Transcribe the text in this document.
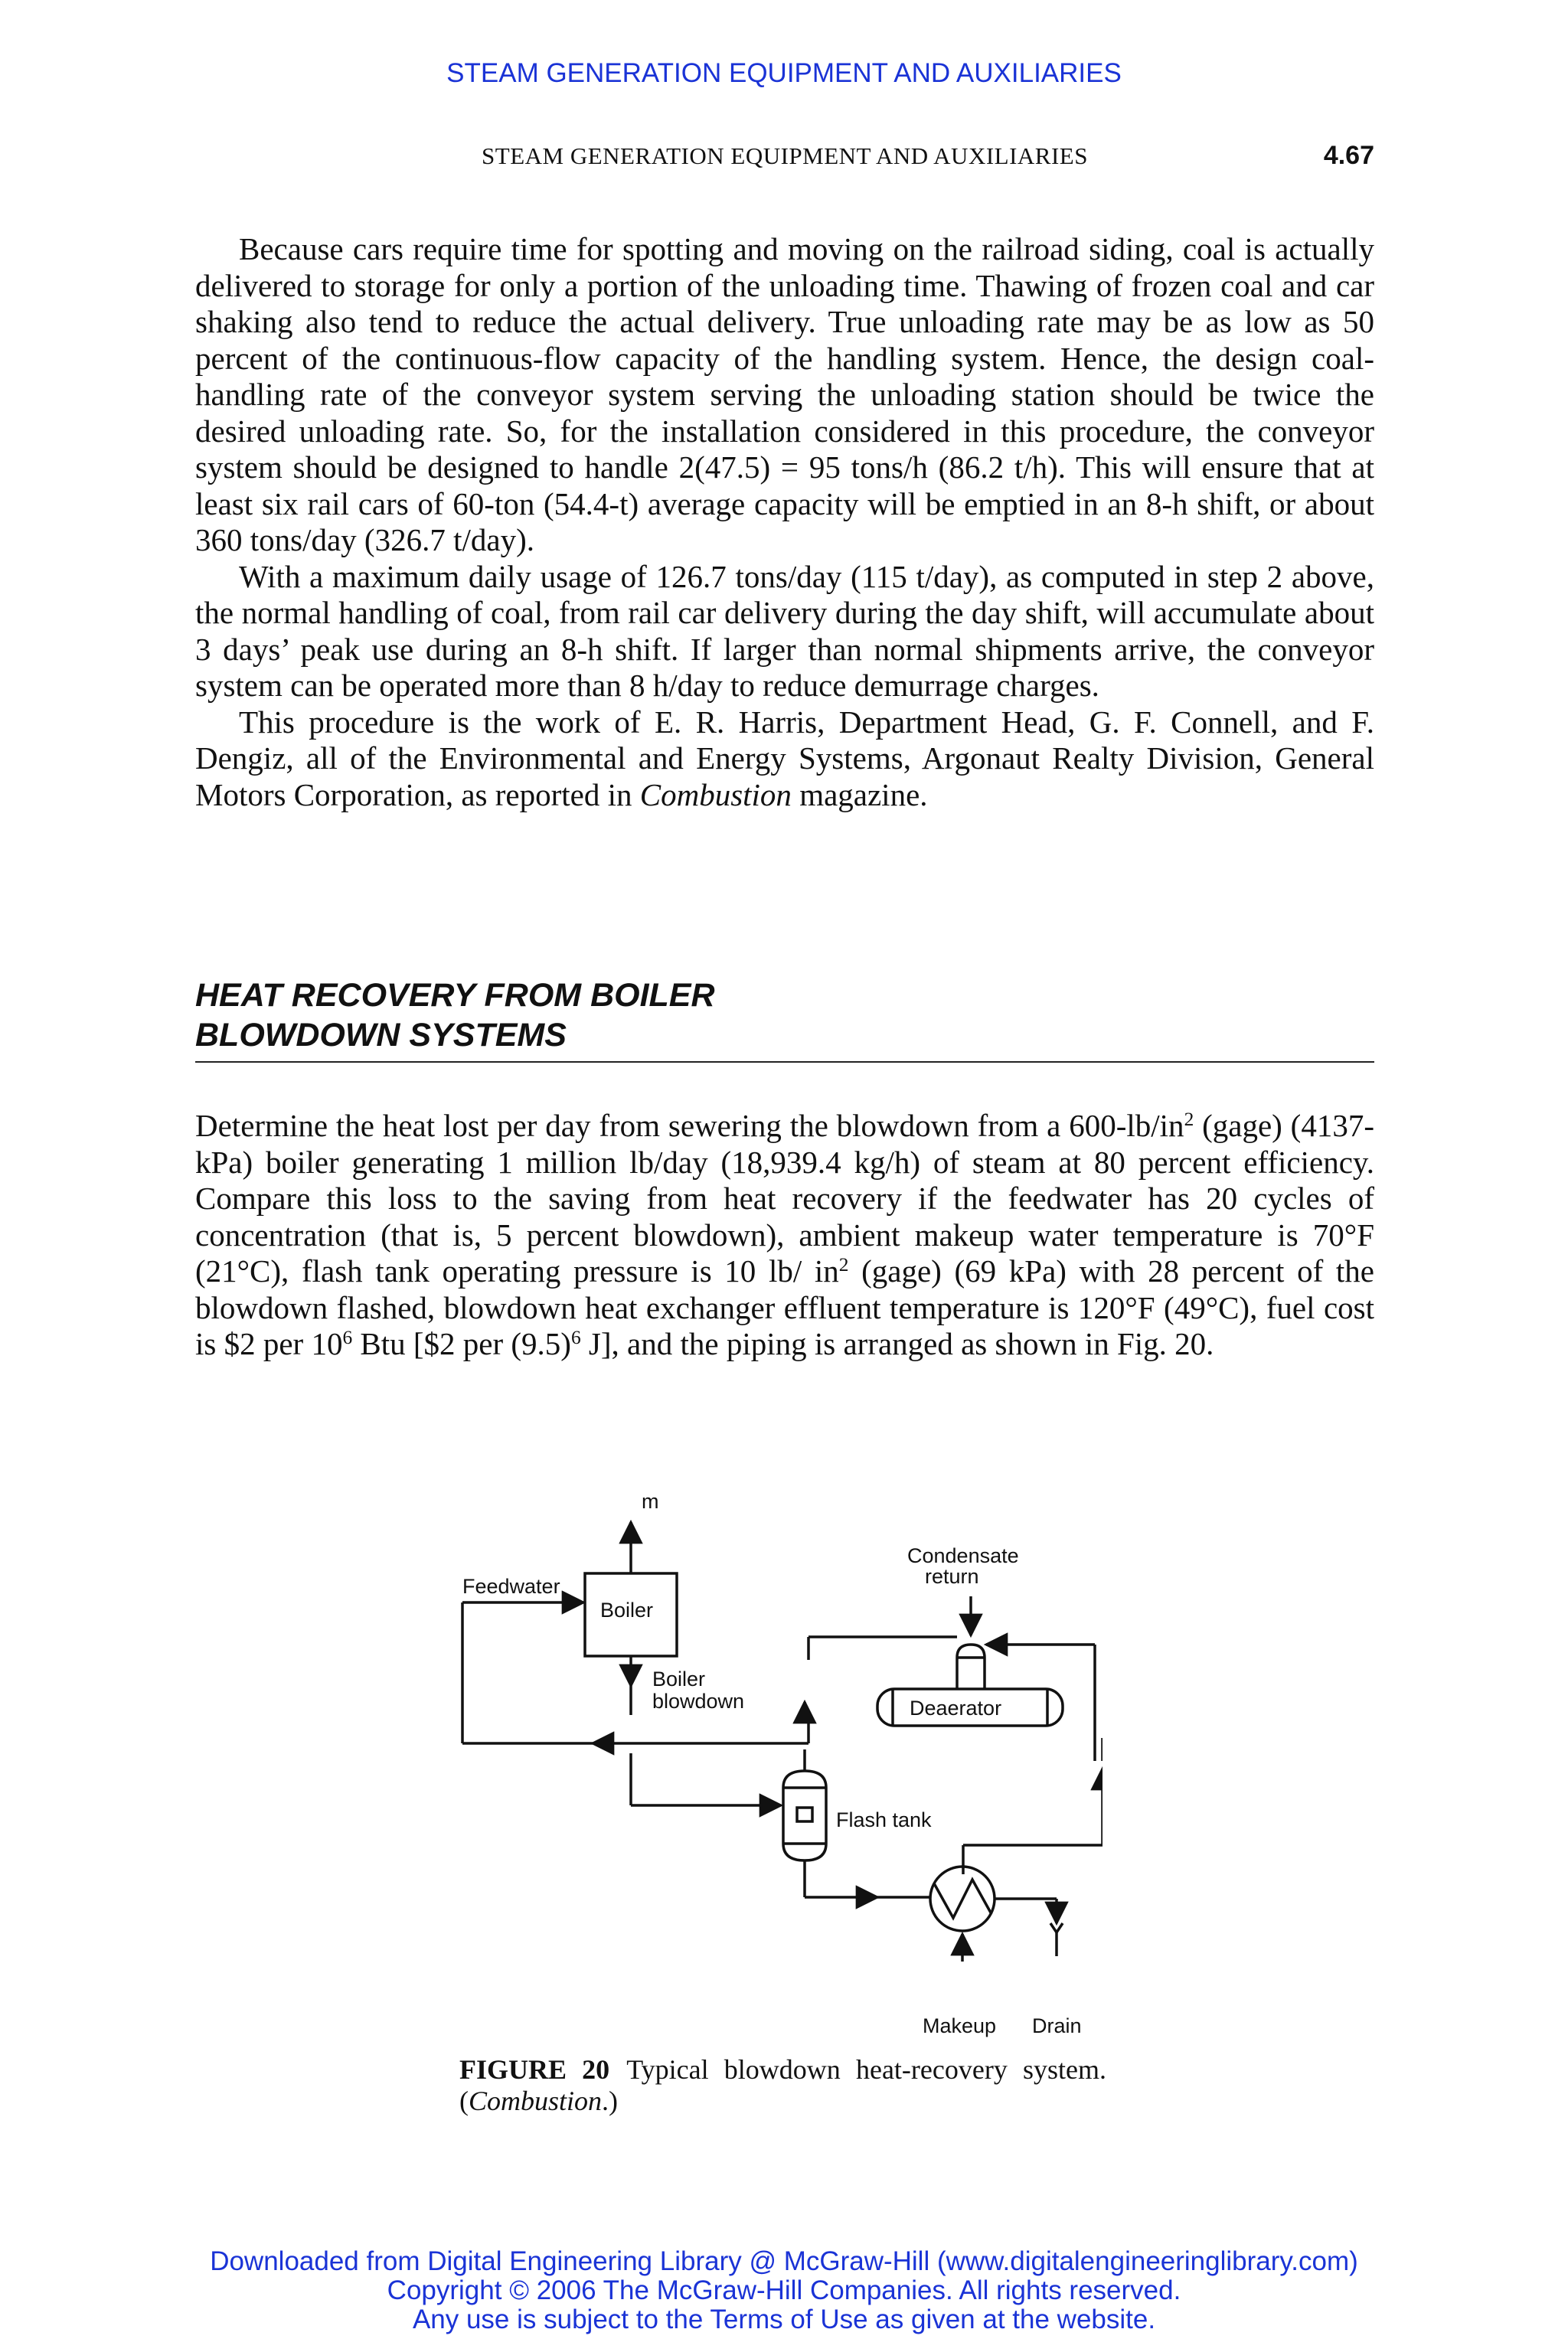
STEAM GENERATION EQUIPMENT AND AUXILIARIES
STEAM GENERATION EQUIPMENT AND AUXILIARIES	4.67

Because cars require time for spotting and moving on the railroad siding, coal is actually delivered to storage for only a portion of the unloading time. Thawing of frozen coal and car shaking also tend to reduce the actual delivery. True unloading rate may be as low as 50 percent of the continuous-flow capacity of the handling system. Hence, the design coal-handling rate of the conveyor system serving the unloading station should be twice the desired unloading rate. So, for the installation considered in this procedure, the conveyor system should be designed to handle 2(47.5) = 95 tons/h (86.2 t/h). This will ensure that at least six rail cars of 60-ton (54.4-t) average capacity will be emptied in an 8-h shift, or about 360 tons/day (326.7 t/day).

With a maximum daily usage of 126.7 tons/day (115 t/day), as computed in step 2 above, the normal handling of coal, from rail car delivery during the day shift, will accumulate about 3 days’ peak use during an 8-h shift. If larger than normal shipments arrive, the conveyor system can be operated more than 8 h/day to reduce demurrage charges.

This procedure is the work of E. R. Harris, Department Head, G. F. Connell, and F. Dengiz, all of the Environmental and Energy Systems, Argonaut Realty Division, General Motors Corporation, as reported in Combustion magazine.

HEAT RECOVERY FROM BOILER
BLOWDOWN SYSTEMS

Determine the heat lost per day from sewering the blowdown from a $600-lb/in^2$ (gage) (4137-kPa) boiler generating 1 million lb/day (18,939.4 kg/h) of steam at 80 percent efficiency. Compare this loss to the saving from heat recovery if the feedwater has 20 cycles of concentration (that is, 5 percent blowdown), ambient makeup water temperature is 70°F (21°C), flash tank operating pressure is 10 lb/ $in^2$ (gage) (69 kPa) with 28 percent of the blowdown flashed, blowdown heat exchanger effluent temperature is 120°F (49°C), fuel cost is $2 per $10^6$ Btu [$2 per $(9.5)^6$ J], and the piping is arranged as shown in Fig. 20.

m
Feedwater
Boiler
Condensate
return
Boiler
blowdown	Deaerator
Flash tank
Makeup Drain
FIGURE 20 Typical blowdown heat-recovery system. (Combustion.)
Downloaded from Digital Engineering Library @ McGraw-Hill (www.digitalengineeringlibrary.com)
Copyright © 2006 The McGraw-Hill Companies. All rights reserved.
Any use is subject to the Terms of Use as given at the website.
